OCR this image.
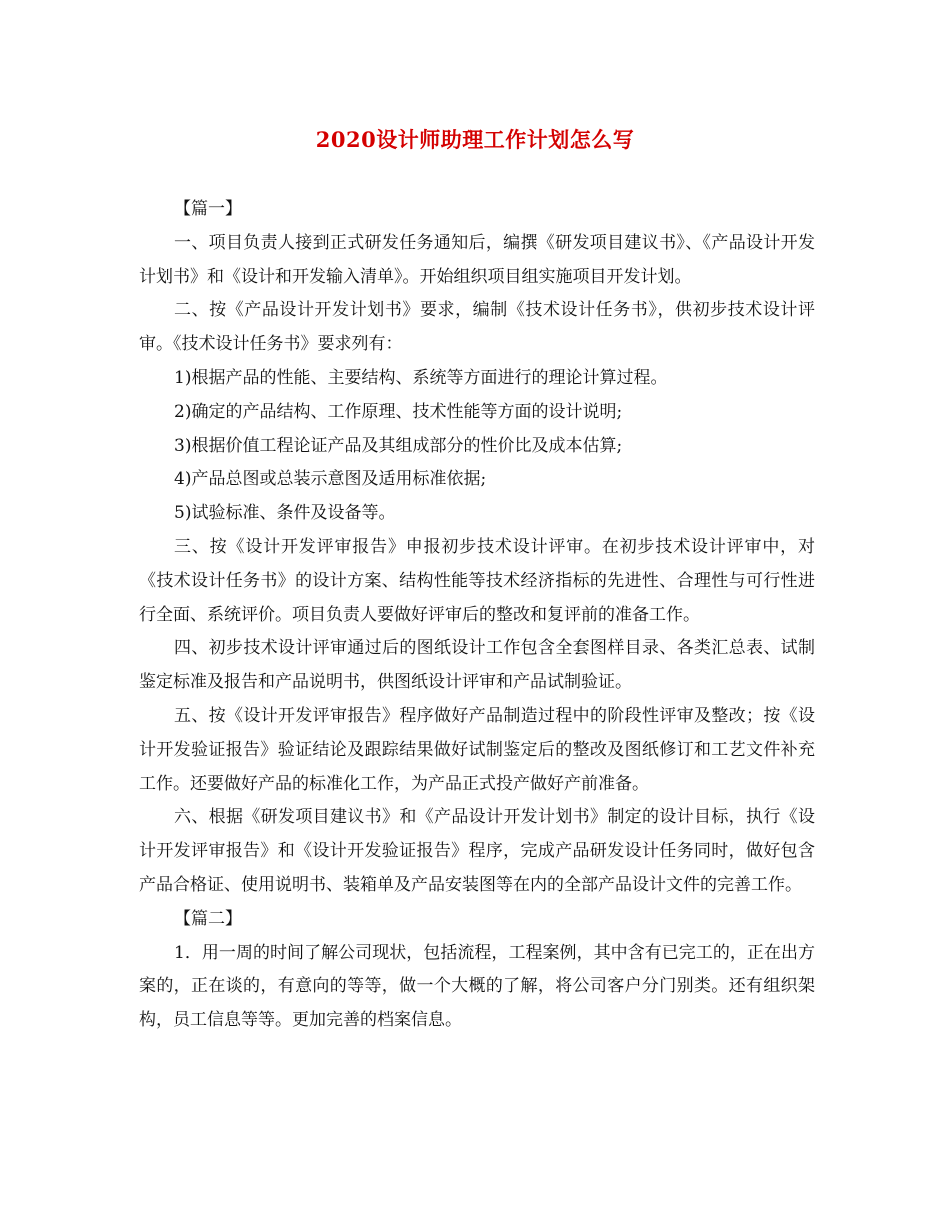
2020设计师助理工作计划怎么写

【篇一】

一、项目负责人接到正式研发任务通知后，编撰《研发项目建议书》、《产品设计开发计划书》和《设计和开发输入清单》。开始组织项目组实施项目开发计划。

二、按《产品设计开发计划书》要求，编制《技术设计任务书》，供初步技术设计评审。《技术设计任务书》要求列有：

1)根据产品的性能、主要结构、系统等方面进行的理论计算过程。

2)确定的产品结构、工作原理、技术性能等方面的设计说明;

3)根据价值工程论证产品及其组成部分的性价比及成本估算;

4)产品总图或总装示意图及适用标准依据;

5)试验标准、条件及设备等。

三、按《设计开发评审报告》申报初步技术设计评审。在初步技术设计评审中，对《技术设计任务书》的设计方案、结构性能等技术经济指标的先进性、合理性与可行性进行全面、系统评价。项目负责人要做好评审后的整改和复评前的准备工作。

四、初步技术设计评审通过后的图纸设计工作包含全套图样目录、各类汇总表、试制鉴定标准及报告和产品说明书，供图纸设计评审和产品试制验证。

五、按《设计开发评审报告》程序做好产品制造过程中的阶段性评审及整改；按《设计开发验证报告》验证结论及跟踪结果做好试制鉴定后的整改及图纸修订和工艺文件补充工作。还要做好产品的标准化工作，为产品正式投产做好产前准备。

六、根据《研发项目建议书》和《产品设计开发计划书》制定的设计目标，执行《设计开发评审报告》和《设计开发验证报告》程序，完成产品研发设计任务同时，做好包含产品合格证、使用说明书、装箱单及产品安装图等在内的全部产品设计文件的完善工作。

【篇二】

1．用一周的时间了解公司现状，包括流程，工程案例，其中含有已完工的，正在出方案的，正在谈的，有意向的等等，做一个大概的了解，将公司客户分门别类。还有组织架构，员工信息等等。更加完善的档案信息。
